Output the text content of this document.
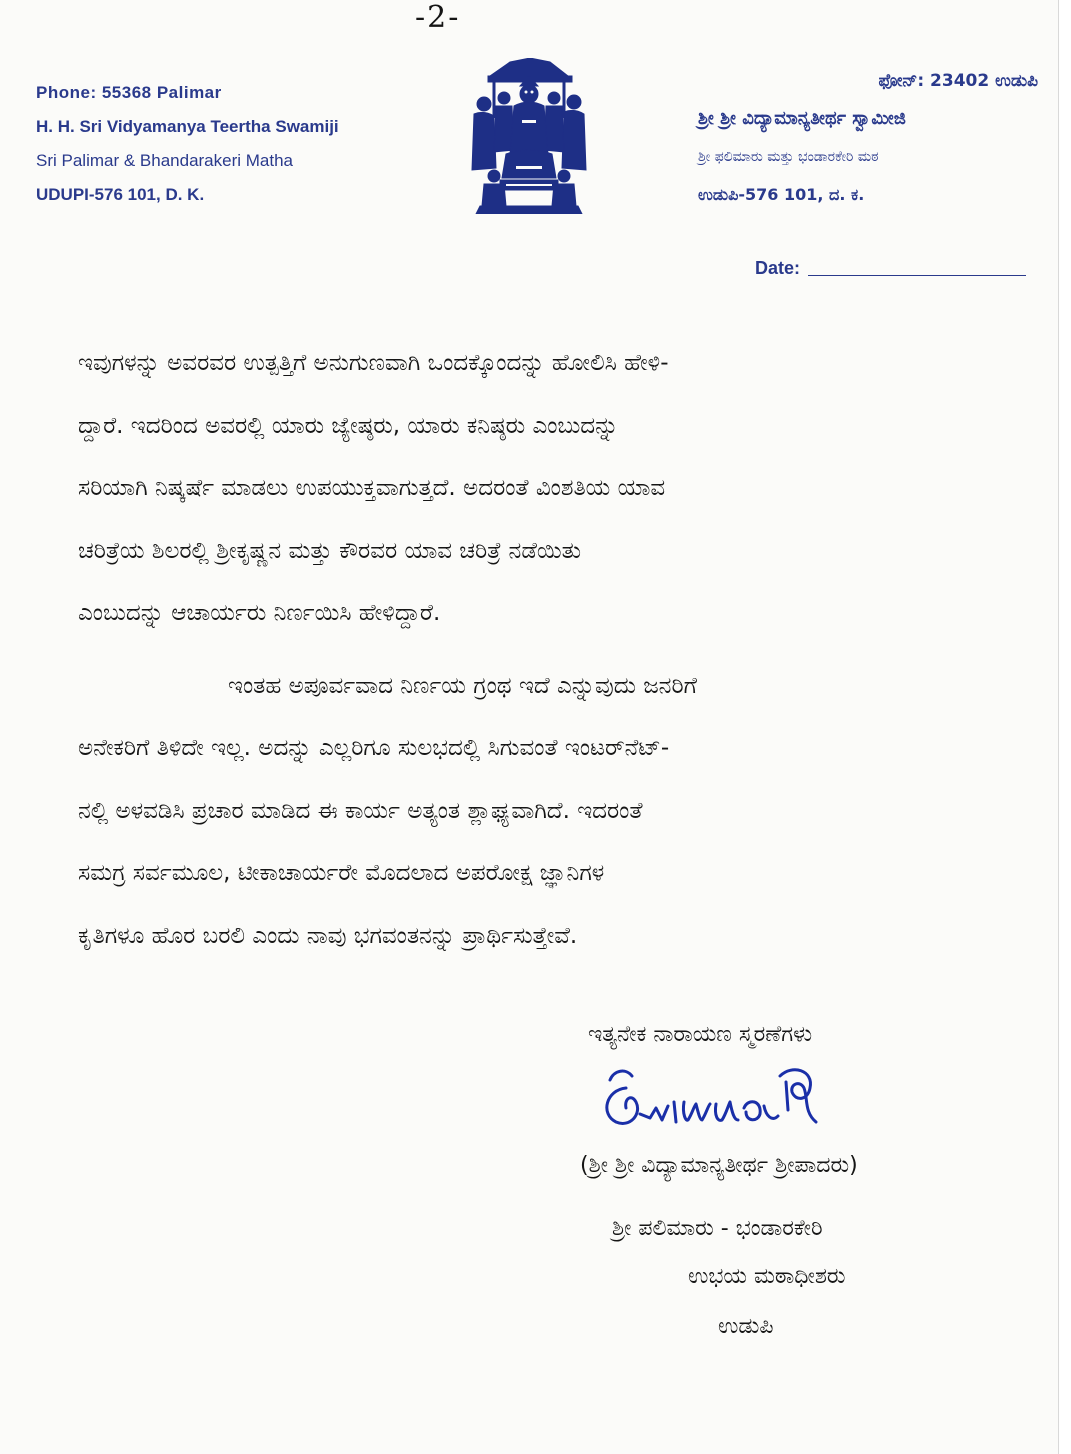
-2-
Phone: 55368 Palimar
H. H. Sri Vidyamanya Teertha Swamiji
Sri Palimar & Bhandarakeri Matha
UDUPI-576 101, D. K.
ಫೋನ್: 23402 ಉಡುಪಿ
ಶ್ರೀ ಶ್ರೀ ವಿದ್ಯಾಮಾನ್ಯತೀರ್ಥ ಸ್ವಾಮೀಜಿ
ಶ್ರೀ ಫಲಿಮಾರು ಮತ್ತು ಭಂಡಾರಕೇರಿ ಮಠ
ಉಡುಪಿ-576 101, ದ. ಕ.
Date:
ಇವುಗಳನ್ನು ಅವರವರ ಉತ್ಪತ್ತಿಗೆ ಅನುಗುಣವಾಗಿ ಒಂದಕ್ಕೊಂದನ್ನು ಹೋಲಿಸಿ ಹೇಳಿ-
ದ್ದಾರೆ. ಇದರಿಂದ ಅವರಲ್ಲಿ ಯಾರು ಜ್ಯೇಷ್ಠರು, ಯಾರು ಕನಿಷ್ಠರು ಎಂಬುದನ್ನು
ಸರಿಯಾಗಿ ನಿಷ್ಕರ್ಷೆ ಮಾಡಲು ಉಪಯುಕ್ತವಾಗುತ್ತದೆ. ಅದರಂತೆ ವಿಂಶತಿಯ ಯಾವ
ಚರಿತ್ರೆಯ ಶಿಲರಲ್ಲಿ ಶ್ರೀಕೃಷ್ಣನ ಮತ್ತು ಕೌರವರ ಯಾವ ಚರಿತ್ರೆ ನಡೆಯಿತು
ಎಂಬುದನ್ನು ಆಚಾರ್ಯರು ನಿರ್ಣಯಿಸಿ ಹೇಳಿದ್ದಾರೆ.
ಇಂತಹ ಅಪೂರ್ವವಾದ ನಿರ್ಣಯ ಗ್ರಂಥ ಇದೆ ಎನ್ನುವುದು ಜನರಿಗೆ
ಅನೇಕರಿಗೆ ತಿಳಿದೇ ಇಲ್ಲ. ಅದನ್ನು ಎಲ್ಲರಿಗೂ ಸುಲಭದಲ್ಲಿ ಸಿಗುವಂತೆ ಇಂಟರ್‌ನೆಟ್-
ನಲ್ಲಿ ಅಳವಡಿಸಿ ಪ್ರಚಾರ ಮಾಡಿದ ಈ ಕಾರ್ಯ ಅತ್ಯಂತ ಶ್ಲಾಘ್ಯವಾಗಿದೆ. ಇದರಂತೆ
ಸಮಗ್ರ ಸರ್ವಮೂಲ, ಟೀಕಾಚಾರ್ಯರೇ ಮೊದಲಾದ ಅಪರೋಕ್ಷ ಜ್ಞಾನಿಗಳ
ಕೃತಿಗಳೂ ಹೊರ ಬರಲಿ ಎಂದು ನಾವು ಭಗವಂತನನ್ನು ಪ್ರಾರ್ಥಿಸುತ್ತೇವೆ.
ಇತ್ಯನೇಕ ನಾರಾಯಣ ಸ್ಮರಣೆಗಳು
(ಶ್ರೀ ಶ್ರೀ ವಿದ್ಯಾಮಾನ್ಯತೀರ್ಥ ಶ್ರೀಪಾದರು)
ಶ್ರೀ ಪಲಿಮಾರು - ಭಂಡಾರಕೇರಿ
ಉಭಯ ಮಠಾಧೀಶರು
ಉಡುಪಿ
